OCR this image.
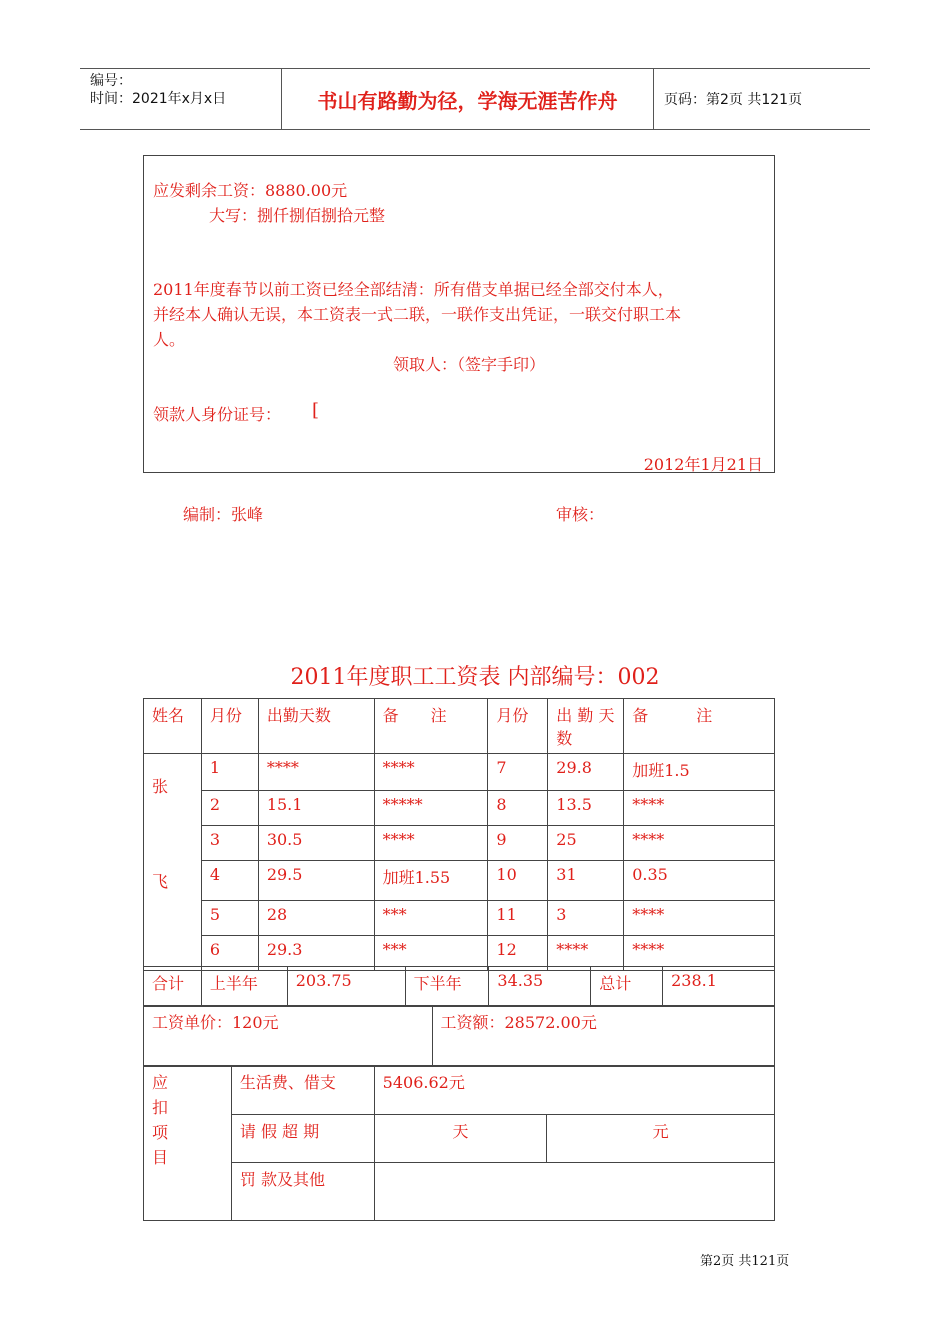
编号：
时间：2021年x月x日	书山有路勤为径，学海无涯苦作舟	页码：第2页 共121页
应发剩余工资：8880.00元
大写：捌仟捌佰捌拾元整
2011年度春节以前工资已经全部结清：所有借支单据已经全部交付本人，
并经本人确认无误，本工资表一式二联，一联作支出凭证，一联交付职工本
人。
领取人：（签字手印）
领款人身份证号： [
2012年1月21日
编制：张峰	审核：
2011年度职工工资表 内部编号：002
姓名	月份	出勤天数	备　　注	月份	出 勤 天 数	备　　　注

张
飞	1	****	****	7	29.8	加班1.5
	2	15.1	*****	8	13.5	****
	3	30.5	****	9	25	****
	4	29.5	加班1.55	10	31	0.35
	5	28	***	11	3	****
	6	29.3	***	12	****	****
合计	上半年	203.75	下半年	34.35	总计	238.1
工资单价：120元	工资额：28572.00元
应
扣
项
目	生活费、借支	5406.62元	
	请 假 超 期	天	元
	罚 款及其他		
第2页 共121页
